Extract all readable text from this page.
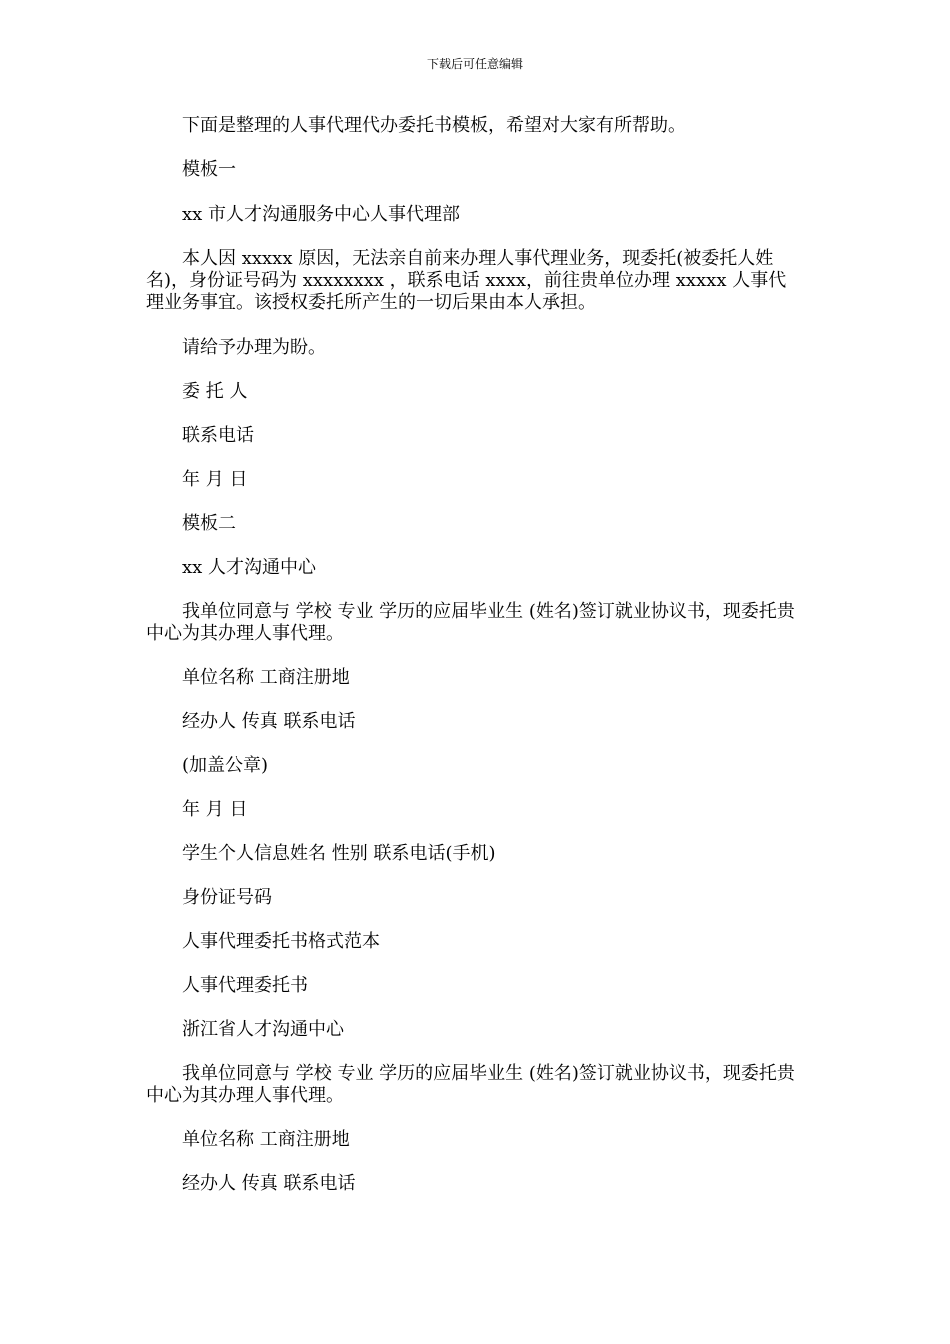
下载后可任意编辑

下面是整理的人事代理代办委托书模板，希望对大家有所帮助。

模板一

xx 市人才沟通服务中心人事代理部

本人因 xxxxx 原因，无法亲自前来办理人事代理业务，现委托(被委托人姓名)，身份证号码为 xxxxxxxx ，联系电话 xxxx，前往贵单位办理 xxxxx 人事代理业务事宜。该授权委托所产生的一切后果由本人承担。

请给予办理为盼。

委 托 人

联系电话

年 月 日

模板二

xx 人才沟通中心

我单位同意与 学校 专业 学历的应届毕业生 (姓名)签订就业协议书，现委托贵中心为其办理人事代理。

单位名称 工商注册地

经办人 传真 联系电话

(加盖公章)

年 月 日

学生个人信息姓名 性别 联系电话(手机)

身份证号码

人事代理委托书格式范本

人事代理委托书

浙江省人才沟通中心

我单位同意与 学校 专业 学历的应届毕业生 (姓名)签订就业协议书，现委托贵中心为其办理人事代理。

单位名称 工商注册地

经办人 传真 联系电话
